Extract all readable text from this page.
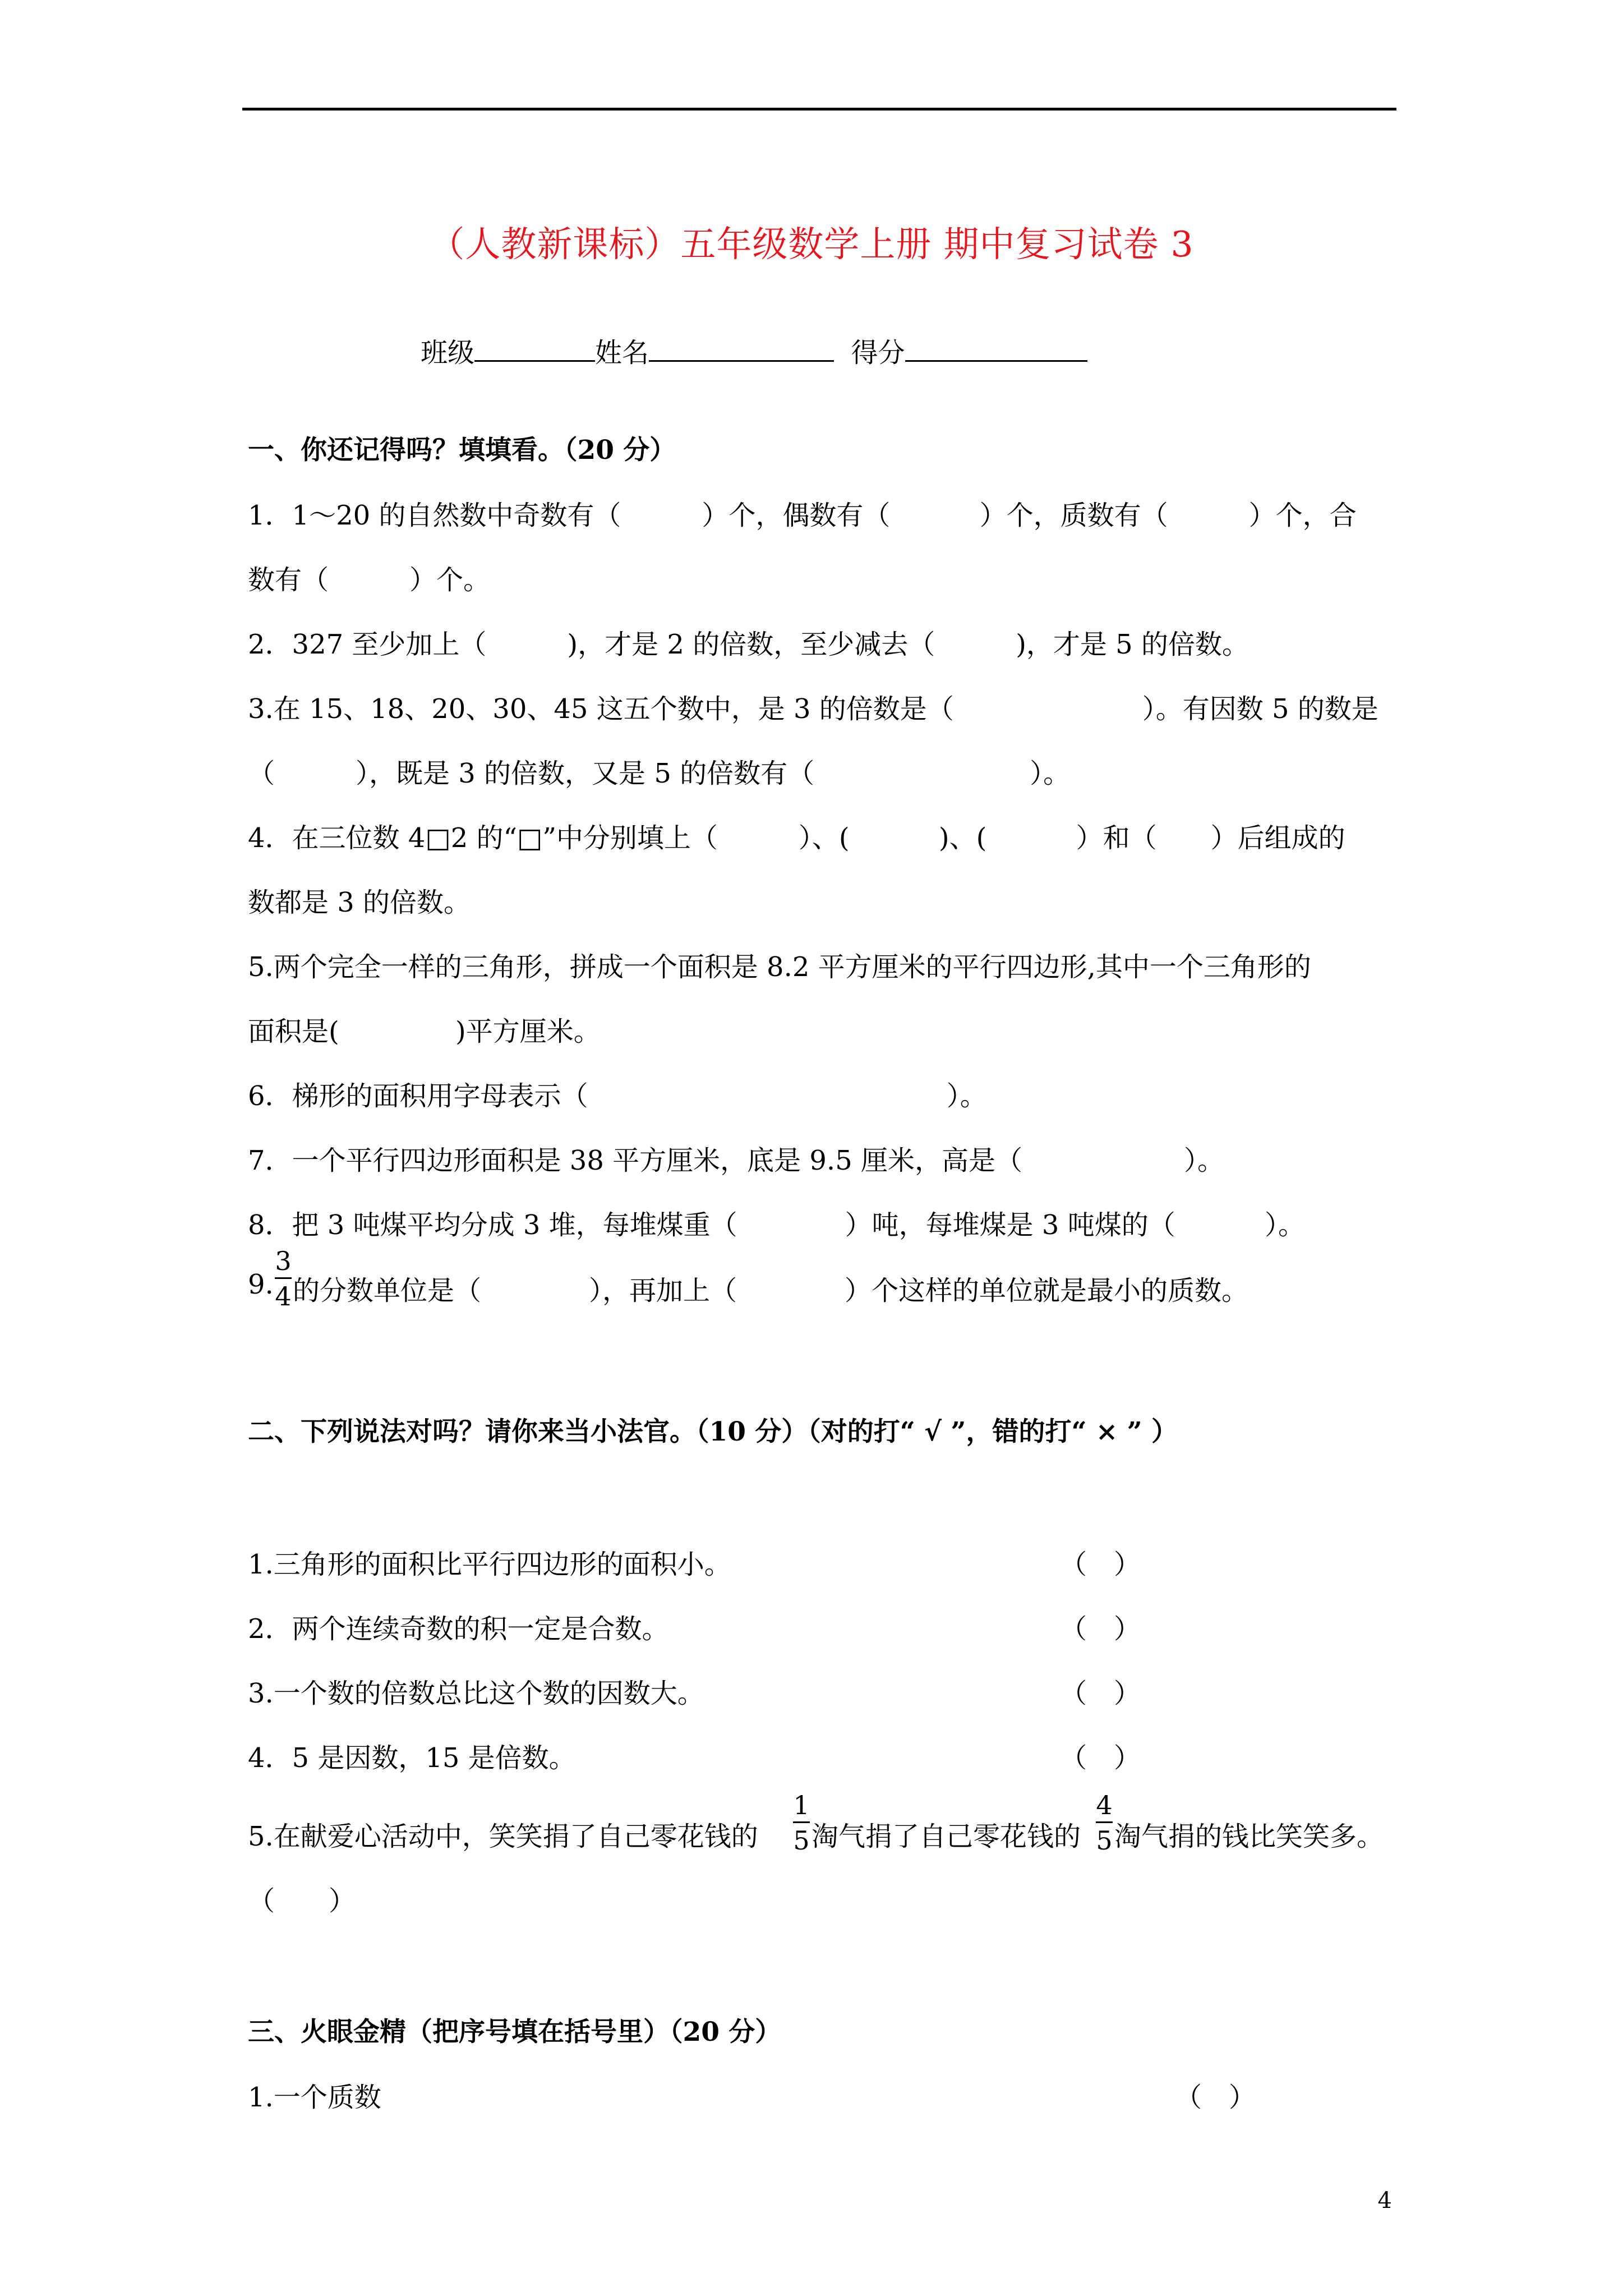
（人教新课标）五年级数学上册 期中复习试卷 3
班级	姓名	得分
一、你还记得吗？填填看。（20 分）
1．1～20 的自然数中奇数有（　　　）个，偶数有（　　　 ）个，质数有（　　　）个，合
数有（　　　）个。
2．327 至少加上（　　　)，才是 2 的倍数，至少减去（　　　)，才是 5 的倍数。
3.在 15、18、20、30、45 这五个数中，是 3 的倍数是（　　　　　　　）。有因数 5 的数是
（　　　），既是 3 的倍数，又是 5 的倍数有（　　　　　　　　）。
4．在三位数 4□2 的“□”中分别填上（　　　）、(　　　 )、(　　　 ）和（　　）后组成的
数都是 3 的倍数。
5.两个完全一样的三角形，拼成一个面积是 8.2 平方厘米的平行四边形,其中一个三角形的
面积是(　　　　 )平方厘米。
6．梯形的面积用字母表示（　　　　　　　　　　　　　 ）。
7．一个平行四边形面积是 38 平方厘米，底是 9.5 厘米，高是（　　　　　　）。
8．把 3 吨煤平均分成 3 堆，每堆煤重（　　　　）吨，每堆煤是 3 吨煤的（　　　 ）。
9.
3
4 的分数单位是（　　　　），再加上（　　　　）个这样的单位就是最小的质数。
二、下列说法对吗？请你来当小法官。（10 分）（对的打“ √ ”，错的打“ × ” ）
1.三角形的面积比平行四边形的面积小。	（　）
2．两个连续奇数的积一定是合数。	（　）
3.一个数的倍数总比这个数的因数大。	（　）
4．5 是因数，15 是倍数。	（　）
5.在献爱心活动中，笑笑捐了自己零花钱的
1
5 淘气捐了自己零花钱的
4
5 淘气捐的钱比笑笑多。
（　　）
三、火眼金精（把序号填在括号里）（20 分）
1.一个质数	（　）
4
